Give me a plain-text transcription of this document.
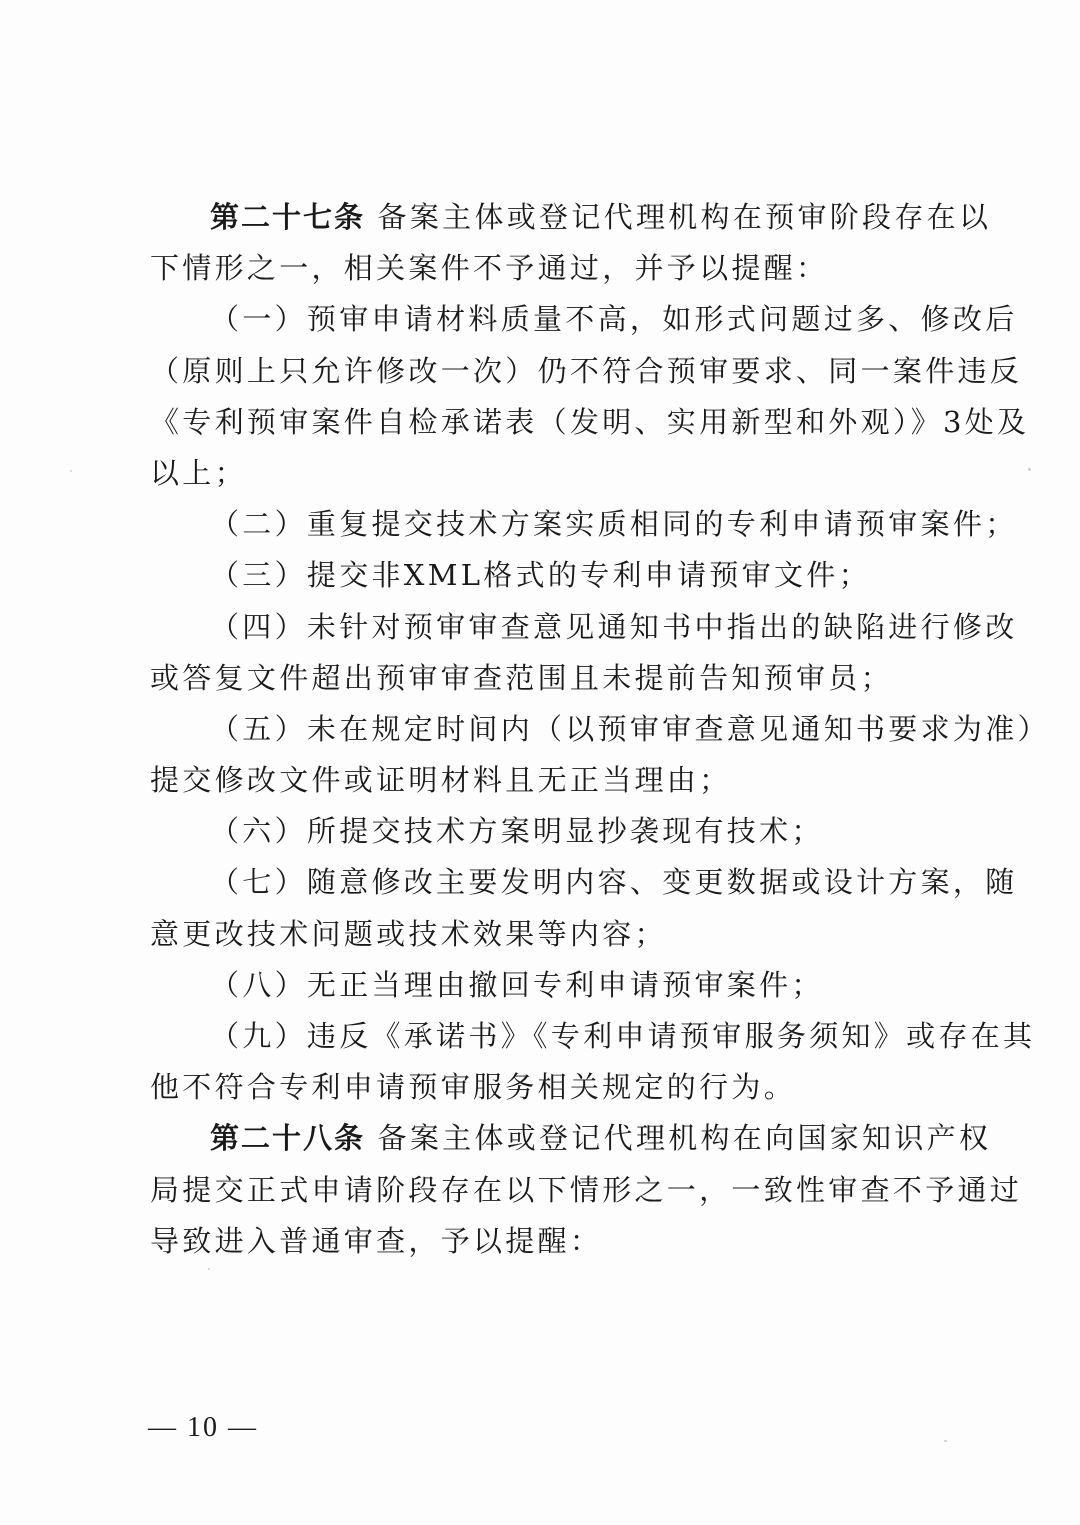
第二十七条 备案主体或登记代理机构在预审阶段存在以
下情形之一，相关案件不予通过，并予以提醒：
（一）预审申请材料质量不高，如形式问题过多、修改后
（原则上只允许修改一次）仍不符合预审要求、同一案件违反
《专利预审案件自检承诺表（发明、实用新型和外观）》3处及
以上；
（二）重复提交技术方案实质相同的专利申请预审案件；
（三）提交非XML格式的专利申请预审文件；
（四）未针对预审审查意见通知书中指出的缺陷进行修改
或答复文件超出预审审查范围且未提前告知预审员；
（五）未在规定时间内（以预审审查意见通知书要求为准）
提交修改文件或证明材料且无正当理由；
（六）所提交技术方案明显抄袭现有技术；
（七）随意修改主要发明内容、变更数据或设计方案，随
意更改技术问题或技术效果等内容；
（八）无正当理由撤回专利申请预审案件；
（九）违反《承诺书》《专利申请预审服务须知》或存在其
他不符合专利申请预审服务相关规定的行为。
第二十八条 备案主体或登记代理机构在向国家知识产权
局提交正式申请阶段存在以下情形之一，一致性审查不予通过
导致进入普通审查，予以提醒：
— 10 —
